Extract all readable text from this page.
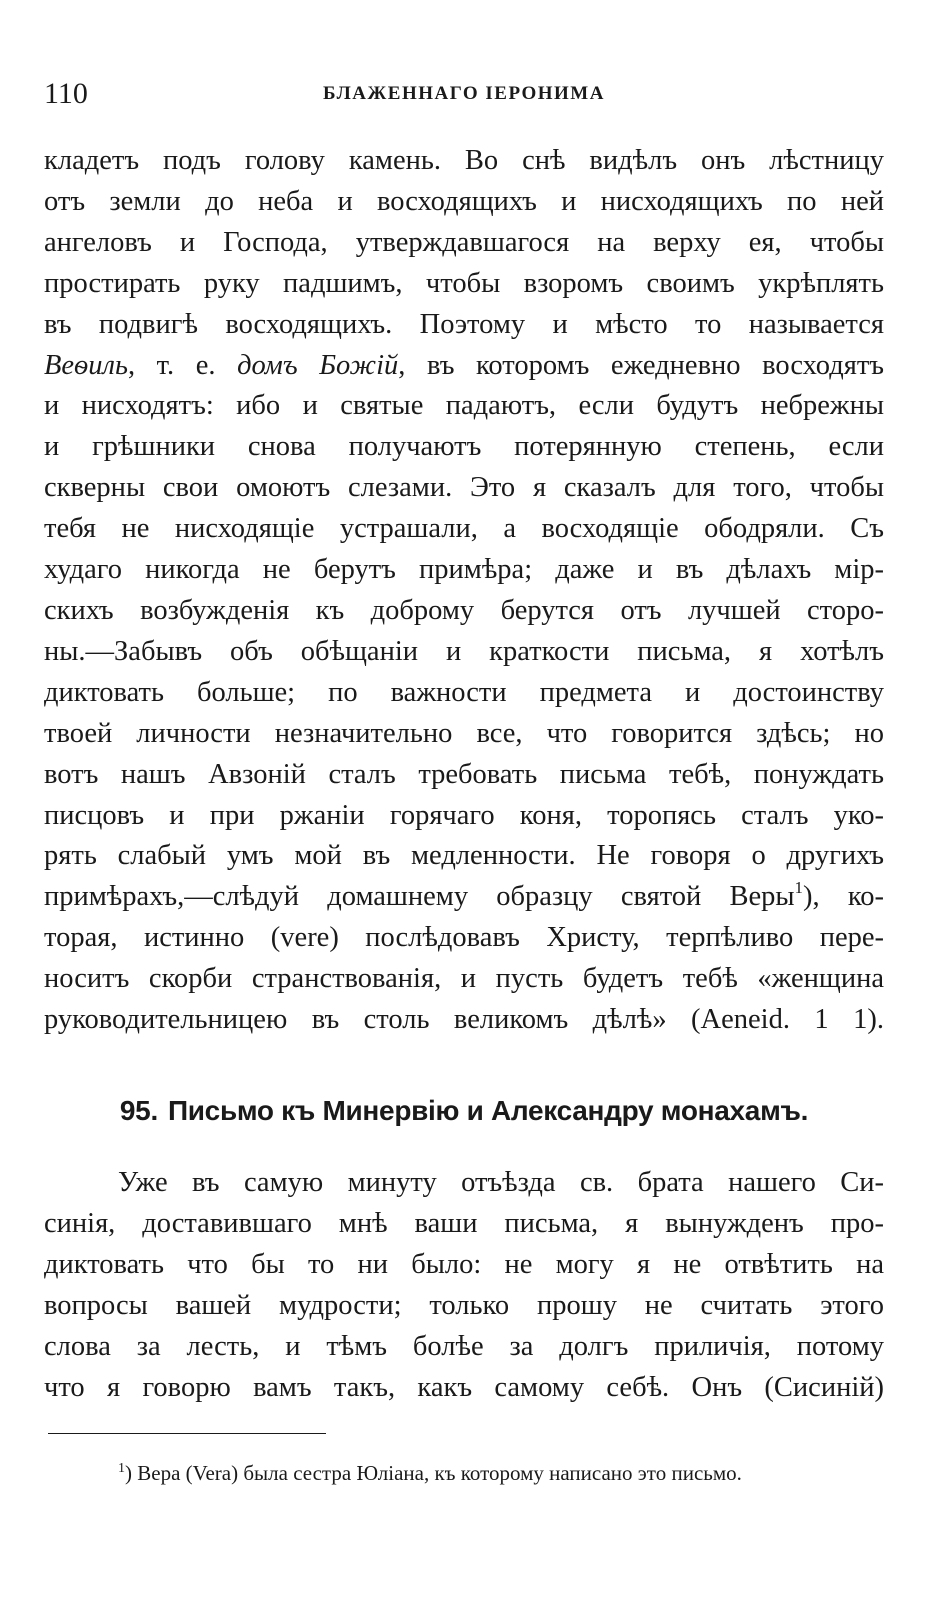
110	БЛАЖЕННАГО ІЕРОНИМА
кладетъ подъ голову камень. Во снѣ видѣлъ онъ лѣстницу
отъ земли до неба и восходящихъ и нисходящихъ по ней
ангеловъ и Господа, утверждавшагося на верху ея, чтобы
простирать руку падшимъ, чтобы взоромъ своимъ укрѣплять
въ подвигѣ восходящихъ. Поэтому и мѣсто то называется
Веѳиль, т. е. домъ Божій, въ которомъ ежедневно восходятъ
и нисходятъ: ибо и святые падаютъ, если будутъ небрежны
и грѣшники снова получаютъ потерянную степень, если
скверны свои омоютъ слезами. Это я сказалъ для того, чтобы
тебя не нисходящіе устрашали, а восходящіе ободряли. Съ
худаго никогда не берутъ примѣра; даже и въ дѣлахъ мір-
скихъ возбужденія къ доброму берутся отъ лучшей сторо-
ны.—Забывъ объ обѣщаніи и краткости письма, я хотѣлъ
диктовать больше; по важности предмета и достоинству
твоей личности незначительно все, что говорится здѣсь; но
вотъ нашъ Авзоній сталъ требовать письма тебѣ, понуждать
писцовъ и при ржаніи горячаго коня, торопясь сталъ уко-
рять слабый умъ мой въ медленности. Не говоря о другихъ
примѣрахъ,—слѣдуй домашнему образцу святой Веры$^1$), ко-
торая, истинно (vere) послѣдовавъ Христу, терпѣливо пере-
носитъ скорби странствованія, и пусть будетъ тебѣ «женщина
руководительницею въ столь великомъ дѣлѣ» (Aeneid. 1 1).
95. Письмо къ Минервію и Александру монахамъ.
Уже въ самую минуту отъѣзда св. брата нашего Си-
синія, доставившаго мнѣ ваши письма, я вынужденъ про-
диктовать что бы то ни было: не могу я не отвѣтить на
вопросы вашей мудрости; только прошу не считать этого
слова за лесть, и тѣмъ болѣе за долгъ приличія, потому
что я говорю вамъ такъ, какъ самому себѣ. Онъ (Сисиній)

$^1$) Вера (Vera) была сестра Юліана, къ которому написано это письмо.
